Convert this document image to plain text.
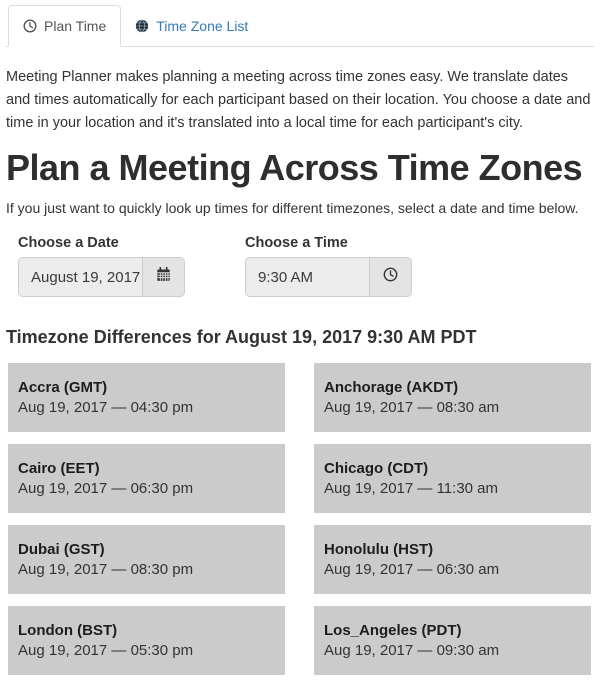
Plan Time	Time Zone List

Meeting Planner makes planning a meeting across time zones easy. We translate dates and times automatically for each participant based on their location. You choose a date and time in your location and it's translated into a local time for each participant's city.

Plan a Meeting Across Time Zones

If you just want to quickly look up times for different timezones, select a date and time below.

Choose a Date
August 19, 2017	Choose a Time
9:30 AM
Timezone Differences for August 19, 2017 9:30 AM PDT
Accra (GMT)
Aug 19, 2017 — 04:30 pm
Anchorage (AKDT)
Aug 19, 2017 — 08:30 am
Cairo (EET)
Aug 19, 2017 — 06:30 pm
Chicago (CDT)
Aug 19, 2017 — 11:30 am
Dubai (GST)
Aug 19, 2017 — 08:30 pm
Honolulu (HST)
Aug 19, 2017 — 06:30 am
London (BST)
Aug 19, 2017 — 05:30 pm
Los_Angeles (PDT)
Aug 19, 2017 — 09:30 am
